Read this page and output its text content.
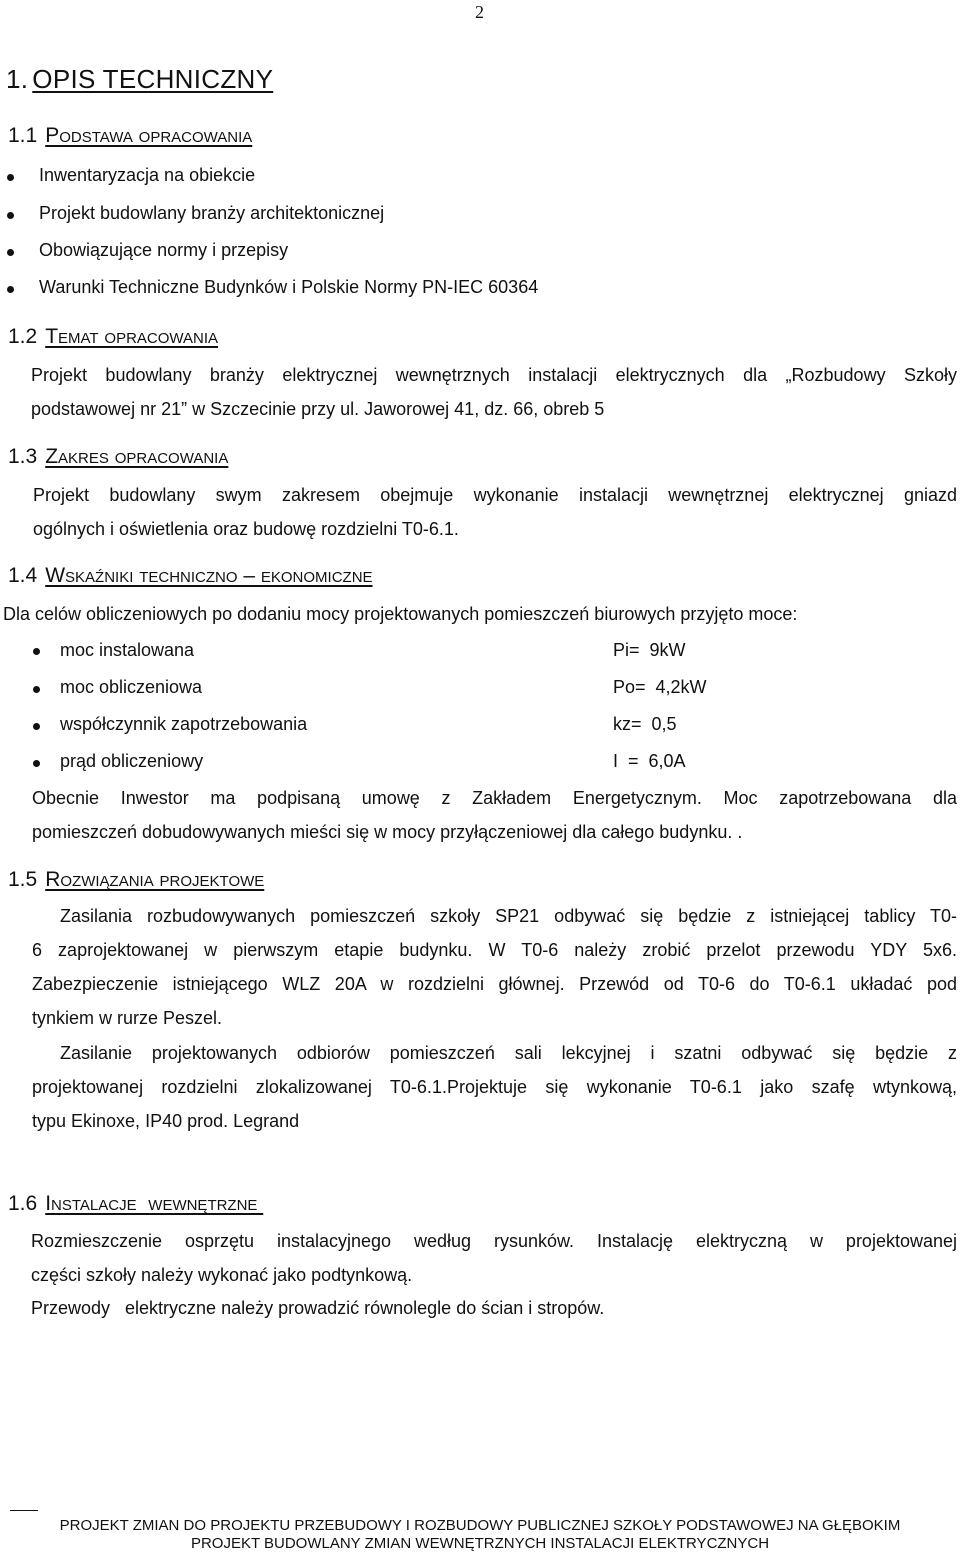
2
1. OPIS TECHNICZNY
1.1 Podstawa opracowania
Inwentaryzacja na obiekcie
Projekt budowlany branży architektonicznej
Obowiązujące normy i przepisy
Warunki Techniczne Budynków i Polskie Normy PN-IEC 60364
1.2 Temat opracowania
Projekt budowlany branży elektrycznej wewnętrznych instalacji elektrycznych dla „Rozbudowy Szkoły
podstawowej nr 21” w Szczecinie przy ul. Jaworowej 41, dz. 66, obreb 5
1.3 Zakres opracowania
Projekt budowlany swym zakresem obejmuje wykonanie instalacji wewnętrznej elektrycznej gniazd
ogólnych i oświetlenia oraz budowę rozdzielni T0-6.1.
1.4 Wskaźniki techniczno – ekonomiczne
Dla celów obliczeniowych po dodaniu mocy projektowanych pomieszczeń biurowych przyjęto moce:
moc instalowana	Pi=  9kW
moc obliczeniowa	Po=  4,2kW
współczynnik zapotrzebowania	kz=  0,5
prąd obliczeniowy	I  =  6,0A
Obecnie Inwestor ma podpisaną umowę z Zakładem Energetycznym. Moc zapotrzebowana dla
pomieszczeń dobudowywanych mieści się w mocy przyłączeniowej dla całego budynku. .
1.5 Rozwiązania projektowe
Zasilania rozbudowywanych pomieszczeń szkoły SP21 odbywać się będzie z istniejącej tablicy T0-
6 zaprojektowanej w pierwszym etapie budynku. W T0-6 należy zrobić przelot przewodu YDY 5x6.
Zabezpieczenie istniejącego WLZ 20A w rozdzielni głównej. Przewód od T0-6 do T0-6.1 układać pod
tynkiem w rurze Peszel.
Zasilanie projektowanych odbiorów pomieszczeń sali lekcyjnej i szatni odbywać się będzie z
projektowanej rozdzielni zlokalizowanej T0-6.1.Projektuje się wykonanie T0-6.1 jako szafę wtynkową,
typu Ekinoxe, IP40 prod. Legrand
1.6 Instalacje  wewnętrzne
Rozmieszczenie osprzętu instalacyjnego według rysunków. Instalację elektryczną w projektowanej
części szkoły należy wykonać jako podtynkową.
Przewody   elektryczne należy prowadzić równolegle do ścian i stropów.
PROJEKT ZMIAN DO PROJEKTU PRZEBUDOWY I ROZBUDOWY PUBLICZNEJ SZKOŁY PODSTAWOWEJ NA GŁĘBOKIM
PROJEKT BUDOWLANY ZMIAN WEWNĘTRZNYCH INSTALACJI ELEKTRYCZNYCH
